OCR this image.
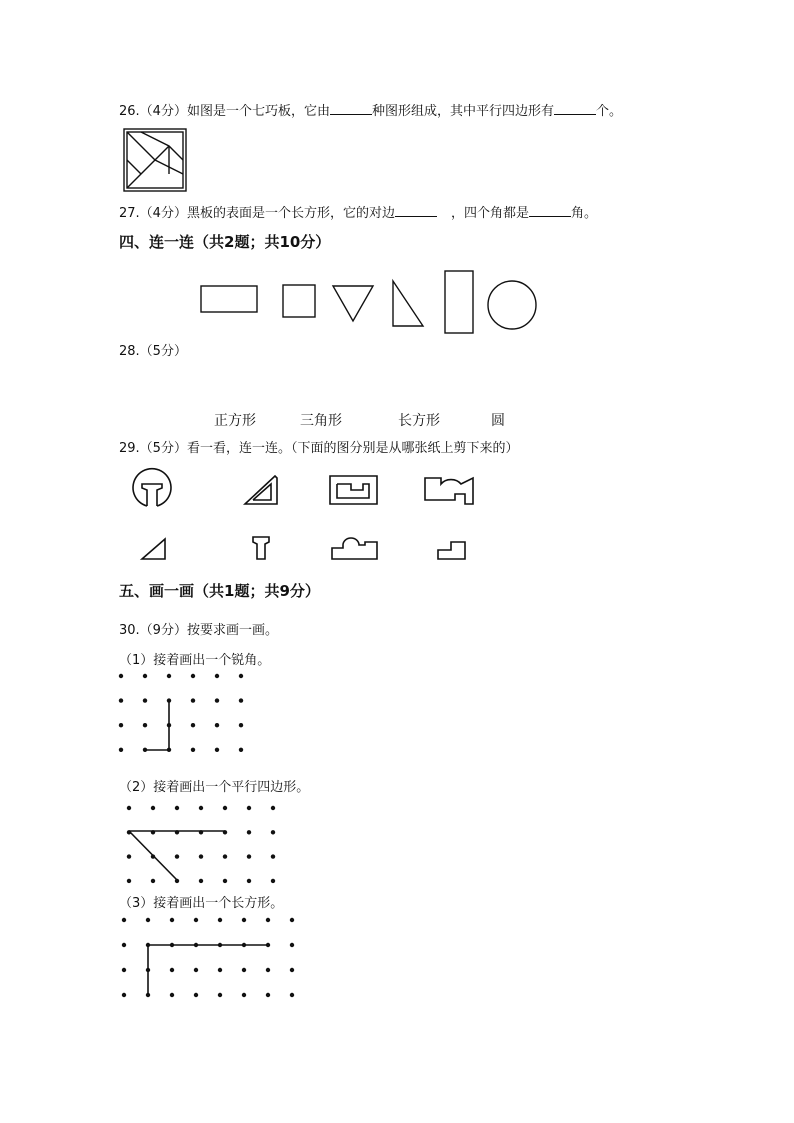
26.（4分）如图是一个七巧板，它由	种图形组成，其中平行四边形有	个。
27.（4分）黑板的表面是一个长方形，它的对边	，四个角都是	角。
四、连一连（共2题；共10分）
28.（5分）
正方形	三角形	长方形	圆
29.（5分）看一看，连一连。（下面的图分别是从哪张纸上剪下来的）
五、画一画（共1题；共9分）
30.（9分）按要求画一画。
（1）接着画出一个锐角。
（2）接着画出一个平行四边形。
（3）接着画出一个长方形。
